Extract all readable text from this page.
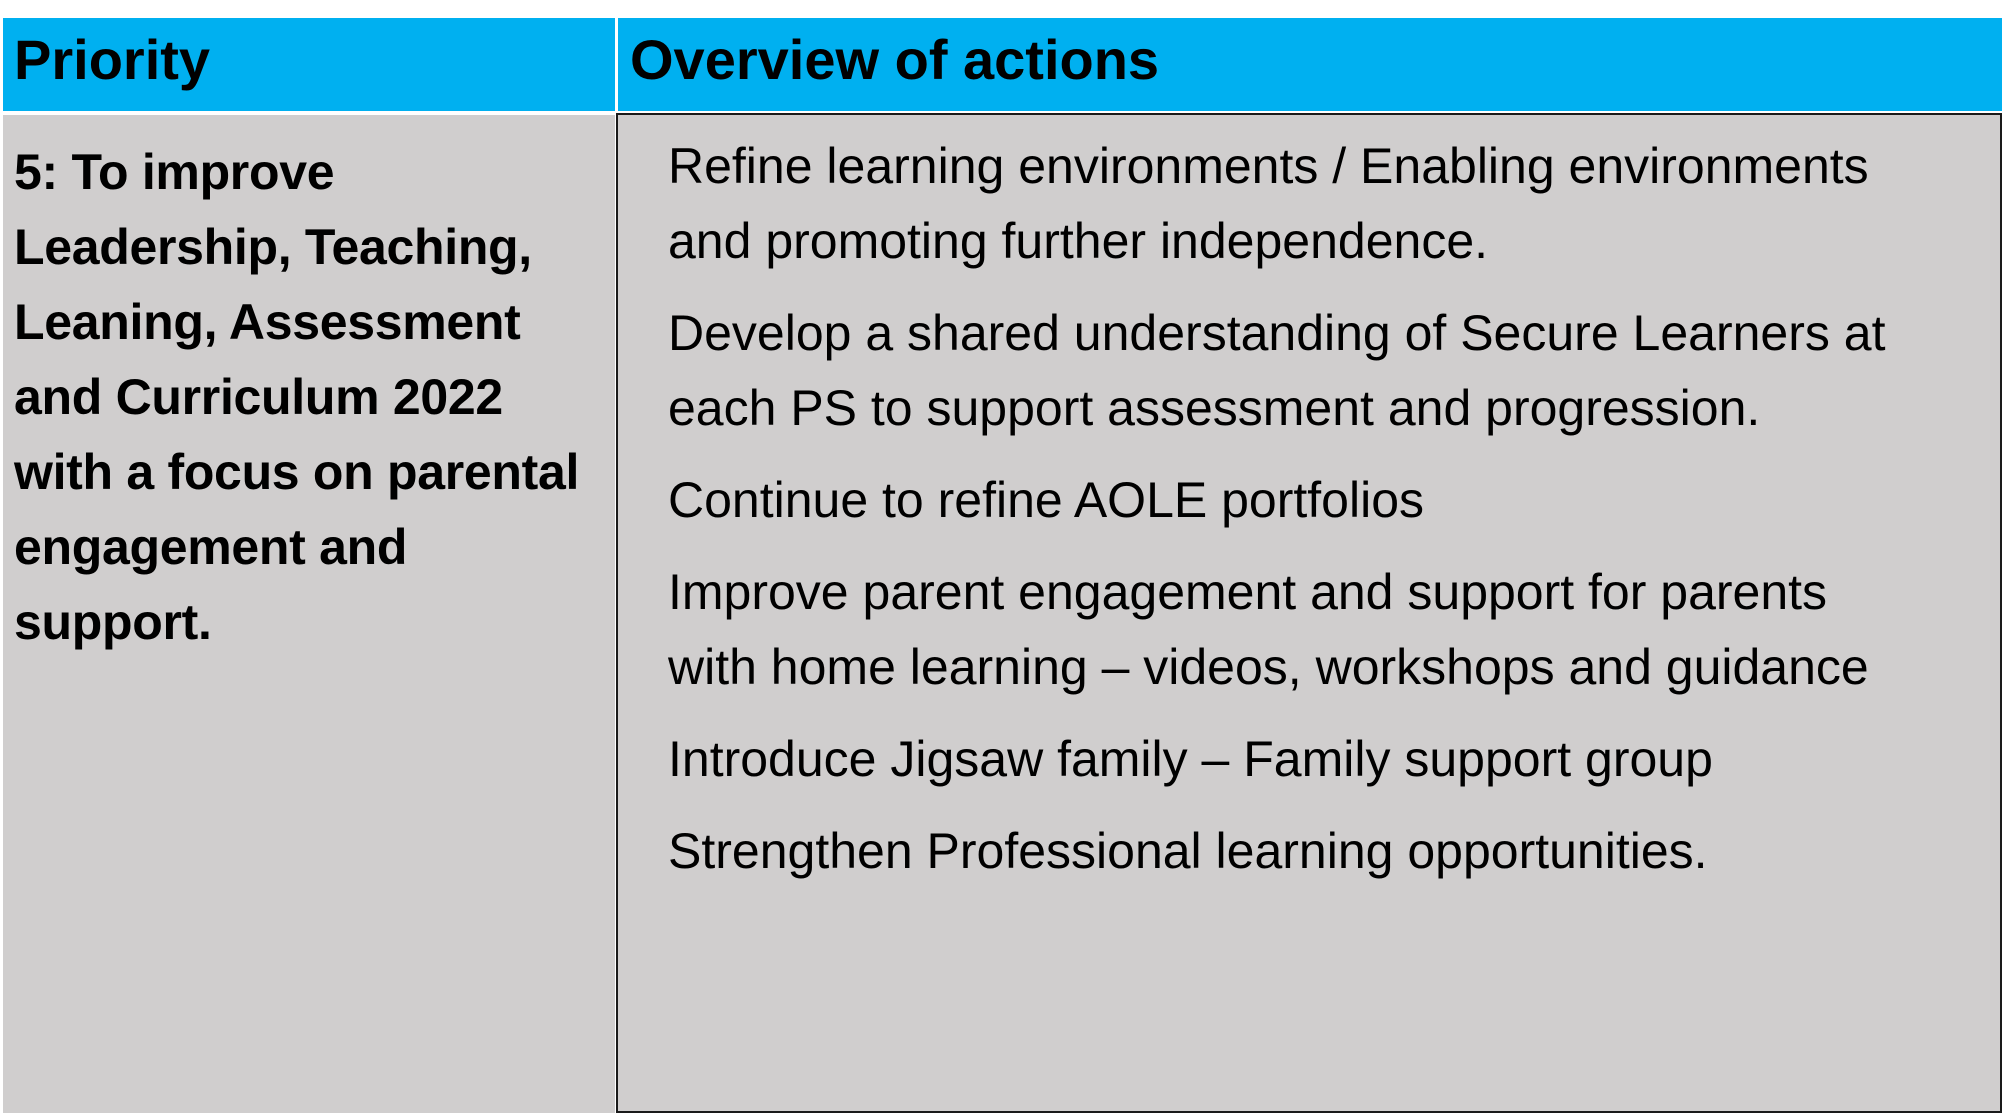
Priority	Overview of actions
5: To improve
Leadership, Teaching,
Leaning, Assessment
and Curriculum 2022
with a focus on parental
engagement and
support.
Refine learning environments / Enabling environments
and promoting further independence.
Develop a shared understanding of Secure Learners at
each PS to support assessment and progression.
Continue to refine AOLE portfolios
Improve parent engagement and support for parents
with home learning – videos, workshops and guidance
Introduce Jigsaw family – Family support group
Strengthen Professional learning opportunities.
